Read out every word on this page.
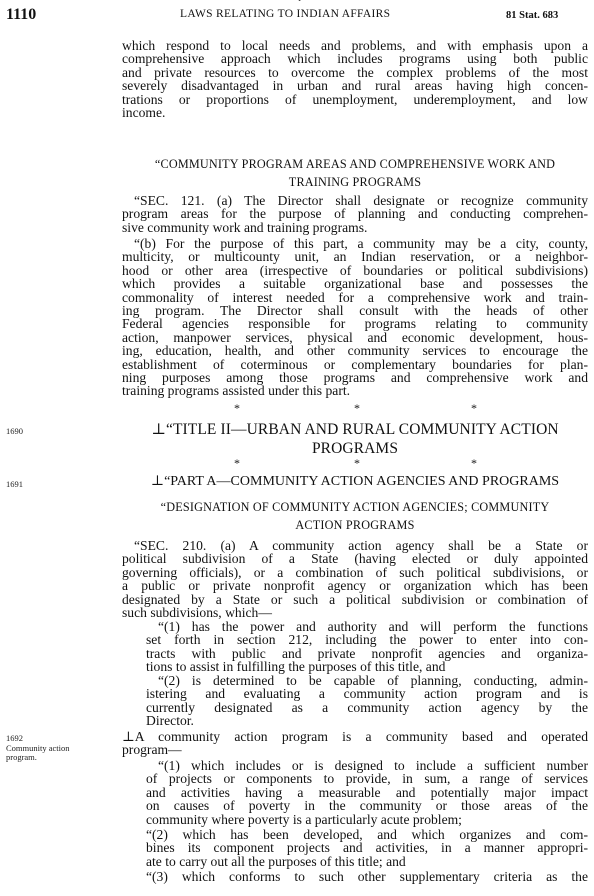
1110	LAWS RELATING TO INDIAN AFFAIRS	81 Stat. 683
•
which respond to local needs and problems, and with emphasis upon a
comprehensive approach which includes programs using both public
and private resources to overcome the complex problems of the most
severely disadvantaged in urban and rural areas having high concen-
trations or proportions of unemployment, underemployment, and low
income.
“COMMUNITY PROGRAM AREAS AND COMPREHENSIVE WORK AND
TRAINING PROGRAMS
“SEC. 121. (a) The Director shall designate or recognize community
program areas for the purpose of planning and conducting comprehen-
sive community work and training programs.
“(b) For the purpose of this part, a community may be a city, county,
multicity, or multicounty unit, an Indian reservation, or a neighbor-
hood or other area (irrespective of boundaries or political subdivisions)
which provides a suitable organizational base and possesses the
commonality of interest needed for a comprehensive work and train-
ing program. The Director shall consult with the heads of other
Federal agencies responsible for programs relating to community
action, manpower services, physical and economic development, hous-
ing, education, health, and other community services to encourage the
establishment of coterminous or complementary boundaries for plan-
ning purposes among those programs and comprehensive work and
training programs assisted under this part.
*	*	*
1690	⊥“TITLE II—URBAN AND RURAL COMMUNITY ACTION
PROGRAMS
*	*	*
1691	⊥“PART A—COMMUNITY ACTION AGENCIES AND PROGRAMS
“DESIGNATION OF COMMUNITY ACTION AGENCIES; COMMUNITY
ACTION PROGRAMS
“SEC. 210. (a) A community action agency shall be a State or
political subdivision of a State (having elected or duly appointed
governing officials), or a combination of such political subdivisions, or
a public or private nonprofit agency or organization which has been
designated by a State or such a political subdivision or combination of
such subdivisions, which—
“(1) has the power and authority and will perform the functions
set forth in section 212, including the power to enter into con-
tracts with public and private nonprofit agencies and organiza-
tions to assist in fulfilling the purposes of this title, and
“(2) is determined to be capable of planning, conducting, admin-
istering and evaluating a community action program and is
currently designated as a community action agency by the
Director.
1692
Community action
program.
⊥A community action program is a community based and operated
program—
“(1) which includes or is designed to include a sufficient number
of projects or components to provide, in sum, a range of services
and activities having a measurable and potentially major impact
on causes of poverty in the community or those areas of the
community where poverty is a particularly acute problem;
“(2) which has been developed, and which organizes and com-
bines its component projects and activities, in a manner appropri-
ate to carry out all the purposes of this title; and
“(3) which conforms to such other supplementary criteria as the
